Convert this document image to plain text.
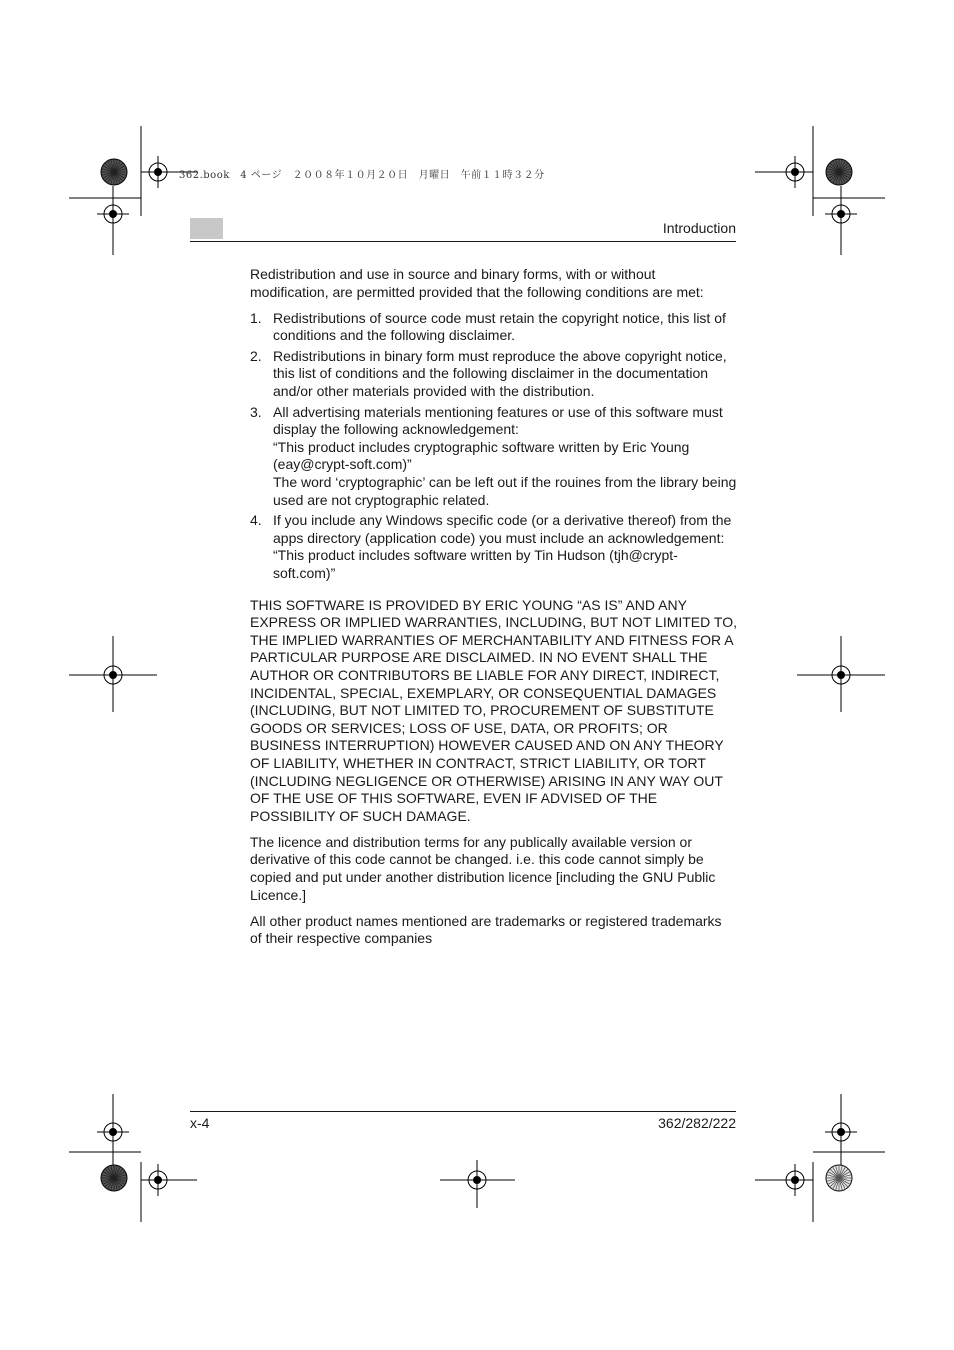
362.book　4 ページ　２００８年１０月２０日　月曜日　午前１１時３２分
Introduction

Redistribution and use in source and binary forms, with or without modification, are permitted provided that the following conditions are met:

1. Redistributions of source code must retain the copyright notice, this list of conditions and the following disclaimer.
2. Redistributions in binary form must reproduce the above copyright notice, this list of conditions and the following disclaimer in the documentation and/or other materials provided with the distribution.
3. All advertising materials mentioning features or use of this software must display the following acknowledgement:
“This product includes cryptographic software written by Eric Young (eay@crypt-soft.com)”
The word ‘cryptographic’ can be left out if the rouines from the library being used are not cryptographic related.
4. If you include any Windows specific code (or a derivative thereof) from the apps directory (application code) you must include an acknowledgement:
“This product includes software written by Tin Hudson (tjh@crypt-soft.com)”

THIS SOFTWARE IS PROVIDED BY ERIC YOUNG “AS IS” AND ANY EXPRESS OR IMPLIED WARRANTIES, INCLUDING, BUT NOT LIMITED TO, THE IMPLIED WARRANTIES OF MERCHANTABILITY AND FITNESS FOR A PARTICULAR PURPOSE ARE DISCLAIMED. IN NO EVENT SHALL THE AUTHOR OR CONTRIBUTORS BE LIABLE FOR ANY DIRECT, INDIRECT, INCIDENTAL, SPECIAL, EXEMPLARY, OR CONSEQUENTIAL DAMAGES (INCLUDING, BUT NOT LIMITED TO, PROCUREMENT OF SUBSTITUTE GOODS OR SERVICES; LOSS OF USE, DATA, OR PROFITS; OR BUSINESS INTERRUPTION) HOWEVER CAUSED AND ON ANY THEORY OF LIABILITY, WHETHER IN CONTRACT, STRICT LIABILITY, OR TORT (INCLUDING NEGLIGENCE OR OTHERWISE) ARISING IN ANY WAY OUT OF THE USE OF THIS SOFTWARE, EVEN IF ADVISED OF THE POSSIBILITY OF SUCH DAMAGE.

The licence and distribution terms for any publically available version or derivative of this code cannot be changed. i.e. this code cannot simply be copied and put under another distribution licence [including the GNU Public Licence.]

All other product names mentioned are trademarks or registered trademarks of their respective companies

x-4	362/282/222
